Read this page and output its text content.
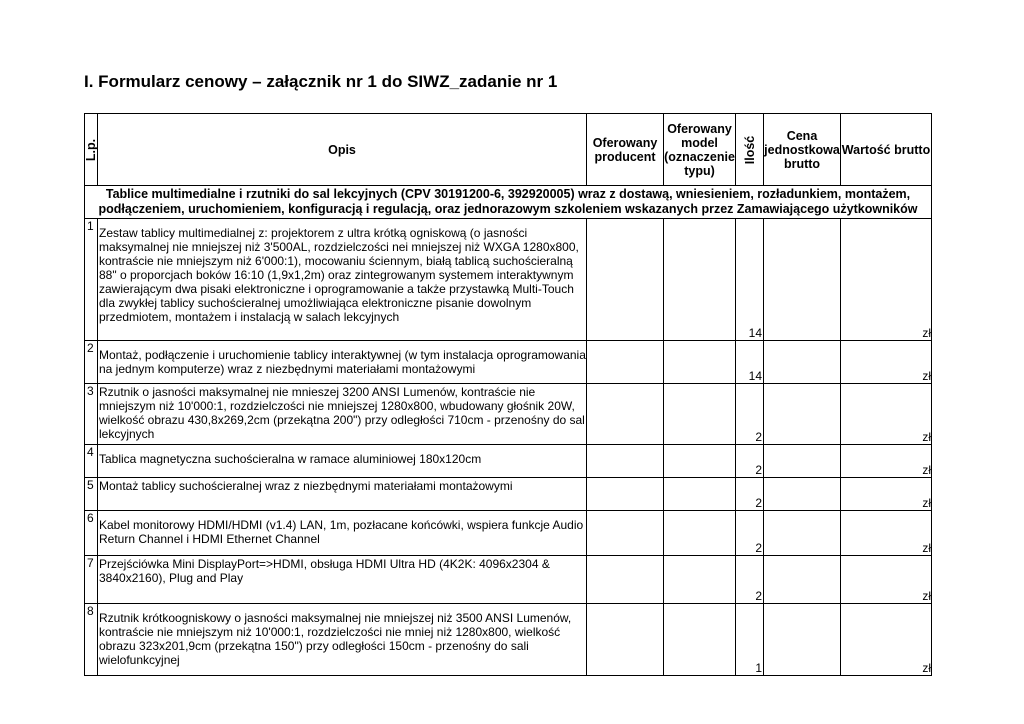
I. Formularz cenowy – załącznik nr 1 do SIWZ_zadanie nr 1
L.p.	Opis	Oferowany producent	Oferowany model (oznaczenie typu)	Ilość	Cena jednostkowa brutto	Wartość brutto
Tablice multimedialne i rzutniki do sal lekcyjnych (CPV 30191200-6, 392920005) wraz z dostawą, wniesieniem, rozładunkiem, montażem, podłączeniem, uruchomieniem, konfiguracją i regulacją, oraz jednorazowym szkoleniem wskazanych przez Zamawiającego użytkowników						
1	Zestaw tablicy multimedialnej z: projektorem z ultra krótką ogniskową (o jasności maksymalnej nie mniejszej niż 3'500AL, rozdzielczości nei mniejszej niż WXGA 1280x800, kontraście nie mniejszym niż 6'000:1), mocowaniu ściennym, białą tablicą suchościeralną 88" o proporcjach boków 16:10 (1,9x1,2m) oraz zintegrowanym systemem interaktywnym zawierającym dwa pisaki elektroniczne i oprogramowanie a także przystawką Multi-Touch dla zwykłej tablicy suchościeralnej umożliwiająca elektroniczne pisanie dowolnym przedmiotem, montażem i instalacją w salach lekcyjnych			14		zł
2	Montaż, podłączenie i uruchomienie tablicy interaktywnej (w tym instalacja oprogramowania na jednym komputerze) wraz z niezbędnymi materiałami montażowymi			14		zł
3	Rzutnik o jasności maksymalnej nie mnieszej 3200 ANSI Lumenów, kontraście nie mniejszym niż 10'000:1, rozdzielczości nie mniejszej 1280x800, wbudowany głośnik 20W, wielkość obrazu 430,8x269,2cm (przekątna 200") przy odległości 710cm - przenośny do sal lekcyjnych			2		zł
4	Tablica magnetyczna suchościeralna w ramace aluminiowej 180x120cm			2		zł
5	Montaż tablicy suchościeralnej wraz z niezbędnymi materiałami montażowymi			2		zł
6	Kabel monitorowy HDMI/HDMI (v1.4) LAN, 1m, pozłacane końcówki, wspiera funkcje Audio Return Channel i HDMI Ethernet Channel			2		zł
7	Przejściówka Mini DisplayPort=>HDMI, obsługa HDMI Ultra HD (4K2K: 4096x2304 & 3840x2160), Plug and Play			2		zł
8	Rzutnik krótkoogniskowy o jasności maksymalnej nie mniejszej niż 3500 ANSI Lumenów, kontraście nie mniejszym niż 10'000:1, rozdzielczości nie mniej niż 1280x800, wielkość obrazu 323x201,9cm (przekątna 150") przy odległości 150cm - przenośny do sali wielofunkcyjnej			1		zł
